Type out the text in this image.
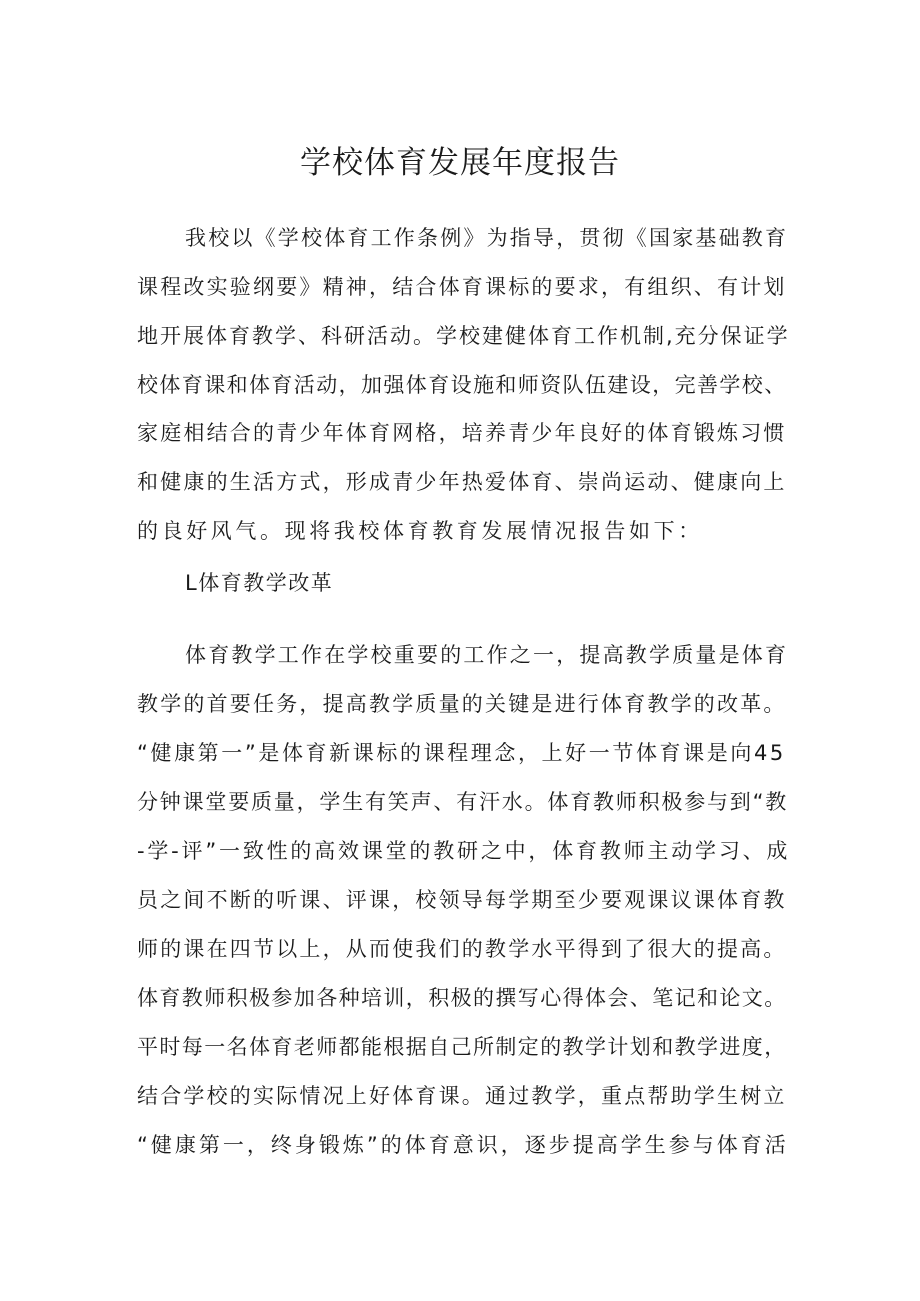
学校体育发展年度报告
我校以《学校体育工作条例》为指导，贯彻《国家基础教育
课程改实验纲要》精神，结合体育课标的要求，有组织、有计划
地开展体育教学、科研活动。学校建健体育工作机制,充分保证学
校体育课和体育活动，加强体育设施和师资队伍建设，完善学校、
家庭相结合的青少年体育网格，培养青少年良好的体育锻炼习惯
和健康的生活方式，形成青少年热爱体育、崇尚运动、健康向上
的良好风气。现将我校体育教育发展情况报告如下：
L体育教学改革
体育教学工作在学校重要的工作之一，提高教学质量是体育
教学的首要任务，提高教学质量的关键是进行体育教学的改革。
“健康第一”是体育新课标的课程理念，上好一节体育课是向45
分钟课堂要质量，学生有笑声、有汗水。体育教师积极参与到“教
-学-评”一致性的高效课堂的教研之中，体育教师主动学习、成
员之间不断的听课、评课，校领导每学期至少要观课议课体育教
师的课在四节以上，从而使我们的教学水平得到了很大的提高。
体育教师积极参加各种培训，积极的撰写心得体会、笔记和论文。
平时每一名体育老师都能根据自己所制定的教学计划和教学进度，
结合学校的实际情况上好体育课。通过教学，重点帮助学生树立
“健康第一，终身锻炼”的体育意识，逐步提高学生参与体育活
